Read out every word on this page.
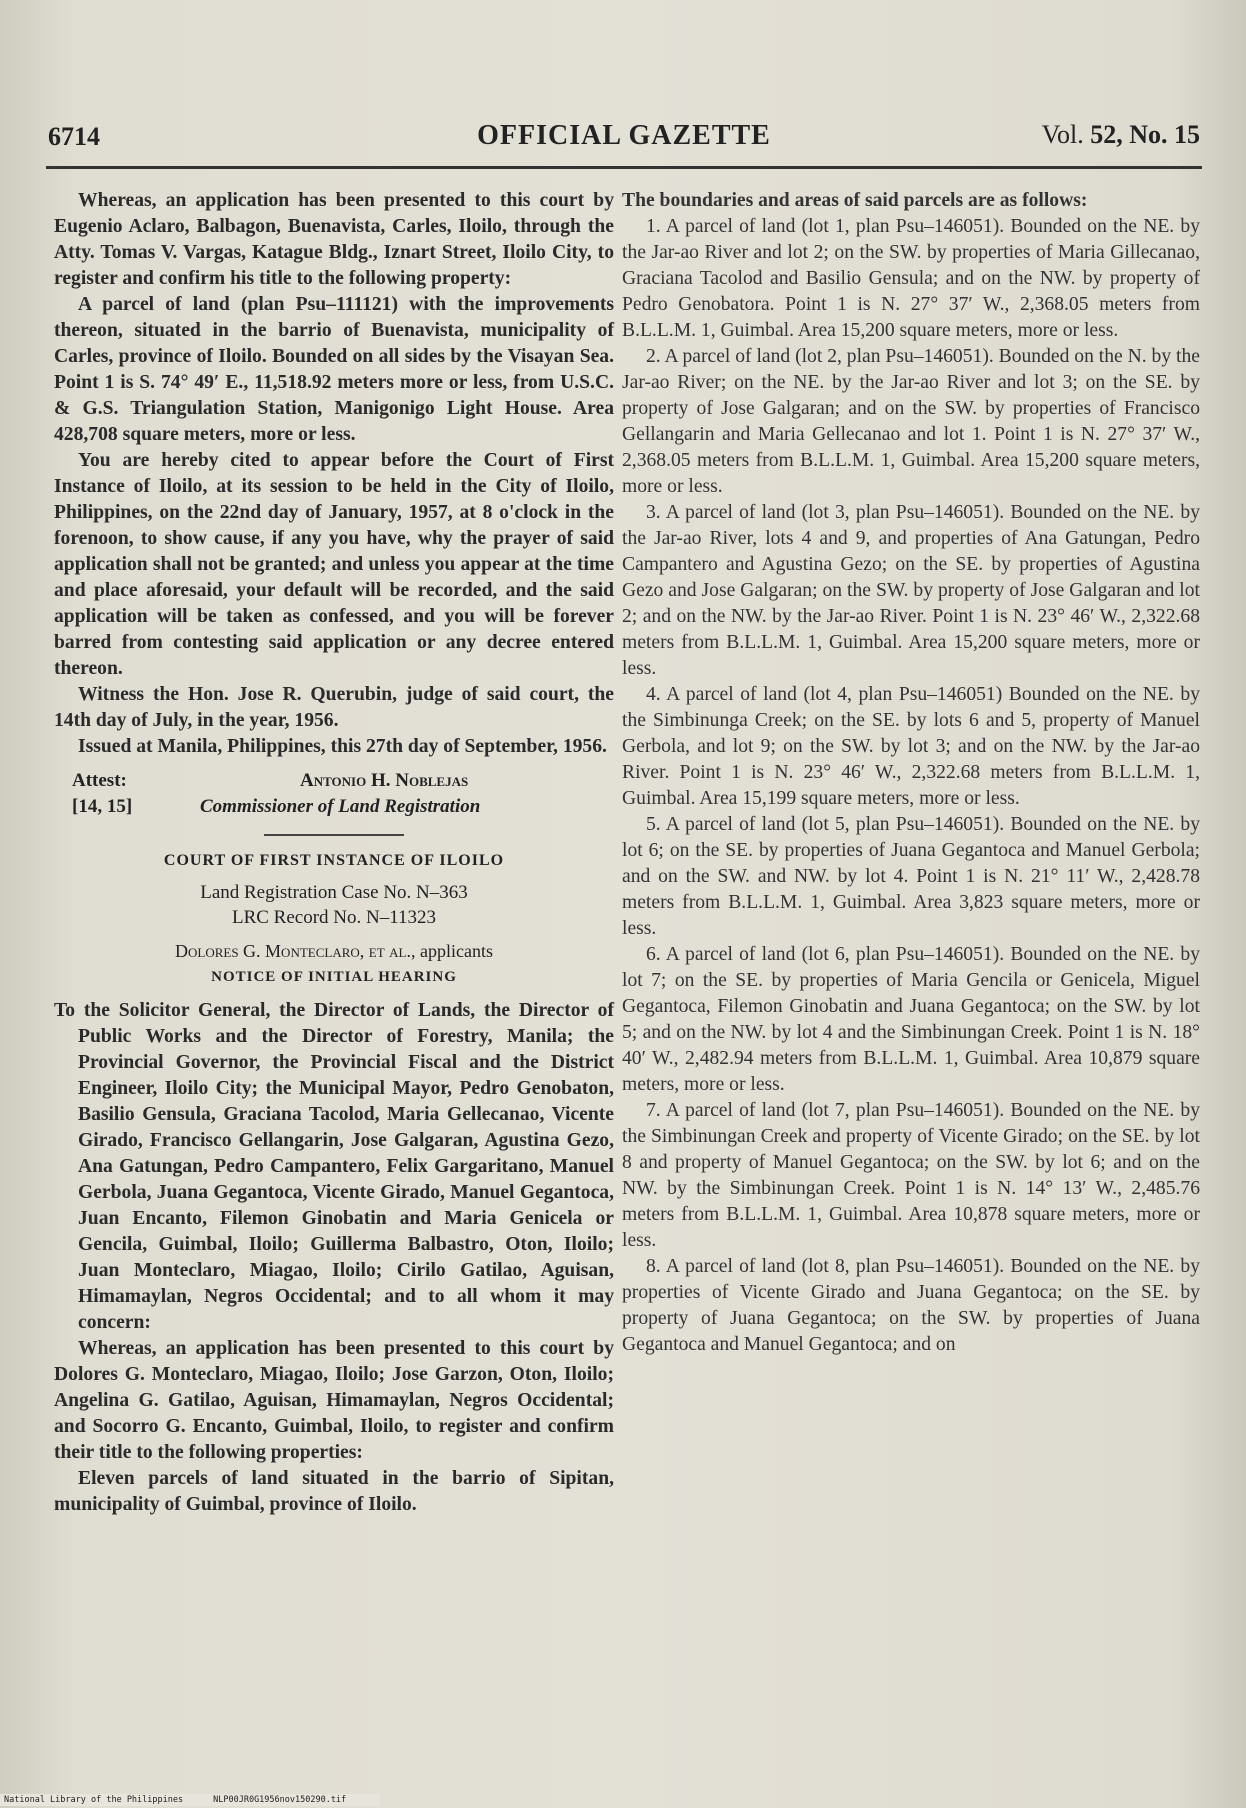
6714	OFFICIAL GAZETTE	Vol. 52, No. 15

Whereas, an application has been presented to this court by Eugenio Aclaro, Balbagon, Buenavista, Carles, Iloilo, through the Atty. Tomas V. Vargas, Katague Bldg., Iznart Street, Iloilo City, to register and confirm his title to the following property:

A parcel of land (plan Psu–111121) with the improvements thereon, situated in the barrio of Buenavista, municipality of Carles, province of Iloilo. Bounded on all sides by the Visayan Sea. Point 1 is S. 74° 49′ E., 11,518.92 meters more or less, from U.S.C. & G.S. Triangulation Station, Manigonigo Light House. Area 428,708 square meters, more or less.

You are hereby cited to appear before the Court of First Instance of Iloilo, at its session to be held in the City of Iloilo, Philippines, on the 22nd day of January, 1957, at 8 o'clock in the forenoon, to show cause, if any you have, why the prayer of said application shall not be granted; and unless you appear at the time and place aforesaid, your default will be recorded, and the said application will be taken as confessed, and you will be forever barred from contesting said application or any decree entered thereon.

Witness the Hon. Jose R. Querubin, judge of said court, the 14th day of July, in the year, 1956.

Issued at Manila, Philippines, this 27th day of September, 1956.

Attest:	Antonio H. Noblejas
[14, 15]	Commissioner of Land Registration
COURT OF FIRST INSTANCE OF ILOILO
Land Registration Case No. N–363
LRC Record No. N–11323
Dolores G. Monteclaro, et al., applicants
NOTICE OF INITIAL HEARING

To the Solicitor General, the Director of Lands, the Director of Public Works and the Director of Forestry, Manila; the Provincial Governor, the Provincial Fiscal and the District Engineer, Iloilo City; the Municipal Mayor, Pedro Genobaton, Basilio Gensula, Graciana Tacolod, Maria Gellecanao, Vicente Girado, Francisco Gellangarin, Jose Galgaran, Agustina Gezo, Ana Gatungan, Pedro Campantero, Felix Gargaritano, Manuel Gerbola, Juana Gegantoca, Vicente Girado, Manuel Gegantoca, Juan Encanto, Filemon Ginobatin and Maria Genicela or Gencila, Guimbal, Iloilo; Guillerma Balbastro, Oton, Iloilo; Juan Monteclaro, Miagao, Iloilo; Cirilo Gatilao, Aguisan, Himamaylan, Negros Occidental; and to all whom it may concern:

Whereas, an application has been presented to this court by Dolores G. Monteclaro, Miagao, Iloilo; Jose Garzon, Oton, Iloilo; Angelina G. Gatilao, Aguisan, Himamaylan, Negros Occidental; and Socorro G. Encanto, Guimbal, Iloilo, to register and confirm their title to the following properties:

Eleven parcels of land situated in the barrio of Sipitan, municipality of Guimbal, province of Iloilo.

The boundaries and areas of said parcels are as follows:

1. A parcel of land (lot 1, plan Psu–146051). Bounded on the NE. by the Jar-ao River and lot 2; on the SW. by properties of Maria Gillecanao, Graciana Tacolod and Basilio Gensula; and on the NW. by property of Pedro Genobatora. Point 1 is N. 27° 37′ W., 2,368.05 meters from B.L.L.M. 1, Guimbal. Area 15,200 square meters, more or less.

2. A parcel of land (lot 2, plan Psu–146051). Bounded on the N. by the Jar-ao River; on the NE. by the Jar-ao River and lot 3; on the SE. by property of Jose Galgaran; and on the SW. by properties of Francisco Gellangarin and Maria Gellecanao and lot 1. Point 1 is N. 27° 37′ W., 2,368.05 meters from B.L.L.M. 1, Guimbal. Area 15,200 square meters, more or less.

3. A parcel of land (lot 3, plan Psu–146051). Bounded on the NE. by the Jar-ao River, lots 4 and 9, and properties of Ana Gatungan, Pedro Campantero and Agustina Gezo; on the SE. by properties of Agustina Gezo and Jose Galgaran; on the SW. by property of Jose Galgaran and lot 2; and on the NW. by the Jar-ao River. Point 1 is N. 23° 46′ W., 2,322.68 meters from B.L.L.M. 1, Guimbal. Area 15,200 square meters, more or less.

4. A parcel of land (lot 4, plan Psu–146051) Bounded on the NE. by the Simbinunga Creek; on the SE. by lots 6 and 5, property of Manuel Gerbola, and lot 9; on the SW. by lot 3; and on the NW. by the Jar-ao River. Point 1 is N. 23° 46′ W., 2,322.68 meters from B.L.L.M. 1, Guimbal. Area 15,199 square meters, more or less.

5. A parcel of land (lot 5, plan Psu–146051). Bounded on the NE. by lot 6; on the SE. by properties of Juana Gegantoca and Manuel Gerbola; and on the SW. and NW. by lot 4. Point 1 is N. 21° 11′ W., 2,428.78 meters from B.L.L.M. 1, Guimbal. Area 3,823 square meters, more or less.

6. A parcel of land (lot 6, plan Psu–146051). Bounded on the NE. by lot 7; on the SE. by properties of Maria Gencila or Genicela, Miguel Gegantoca, Filemon Ginobatin and Juana Gegantoca; on the SW. by lot 5; and on the NW. by lot 4 and the Simbinungan Creek. Point 1 is N. 18° 40′ W., 2,482.94 meters from B.L.L.M. 1, Guimbal. Area 10,879 square meters, more or less.

7. A parcel of land (lot 7, plan Psu–146051). Bounded on the NE. by the Simbinungan Creek and property of Vicente Girado; on the SE. by lot 8 and property of Manuel Gegantoca; on the SW. by lot 6; and on the NW. by the Simbinungan Creek. Point 1 is N. 14° 13′ W., 2,485.76 meters from B.L.L.M. 1, Guimbal. Area 10,878 square meters, more or less.

8. A parcel of land (lot 8, plan Psu–146051). Bounded on the NE. by properties of Vicente Girado and Juana Gegantoca; on the SE. by property of Juana Gegantoca; on the SW. by properties of Juana Gegantoca and Manuel Gegantoca; and on

National Library of the Philippines	NLP00JR0G1956nov150290.tif
